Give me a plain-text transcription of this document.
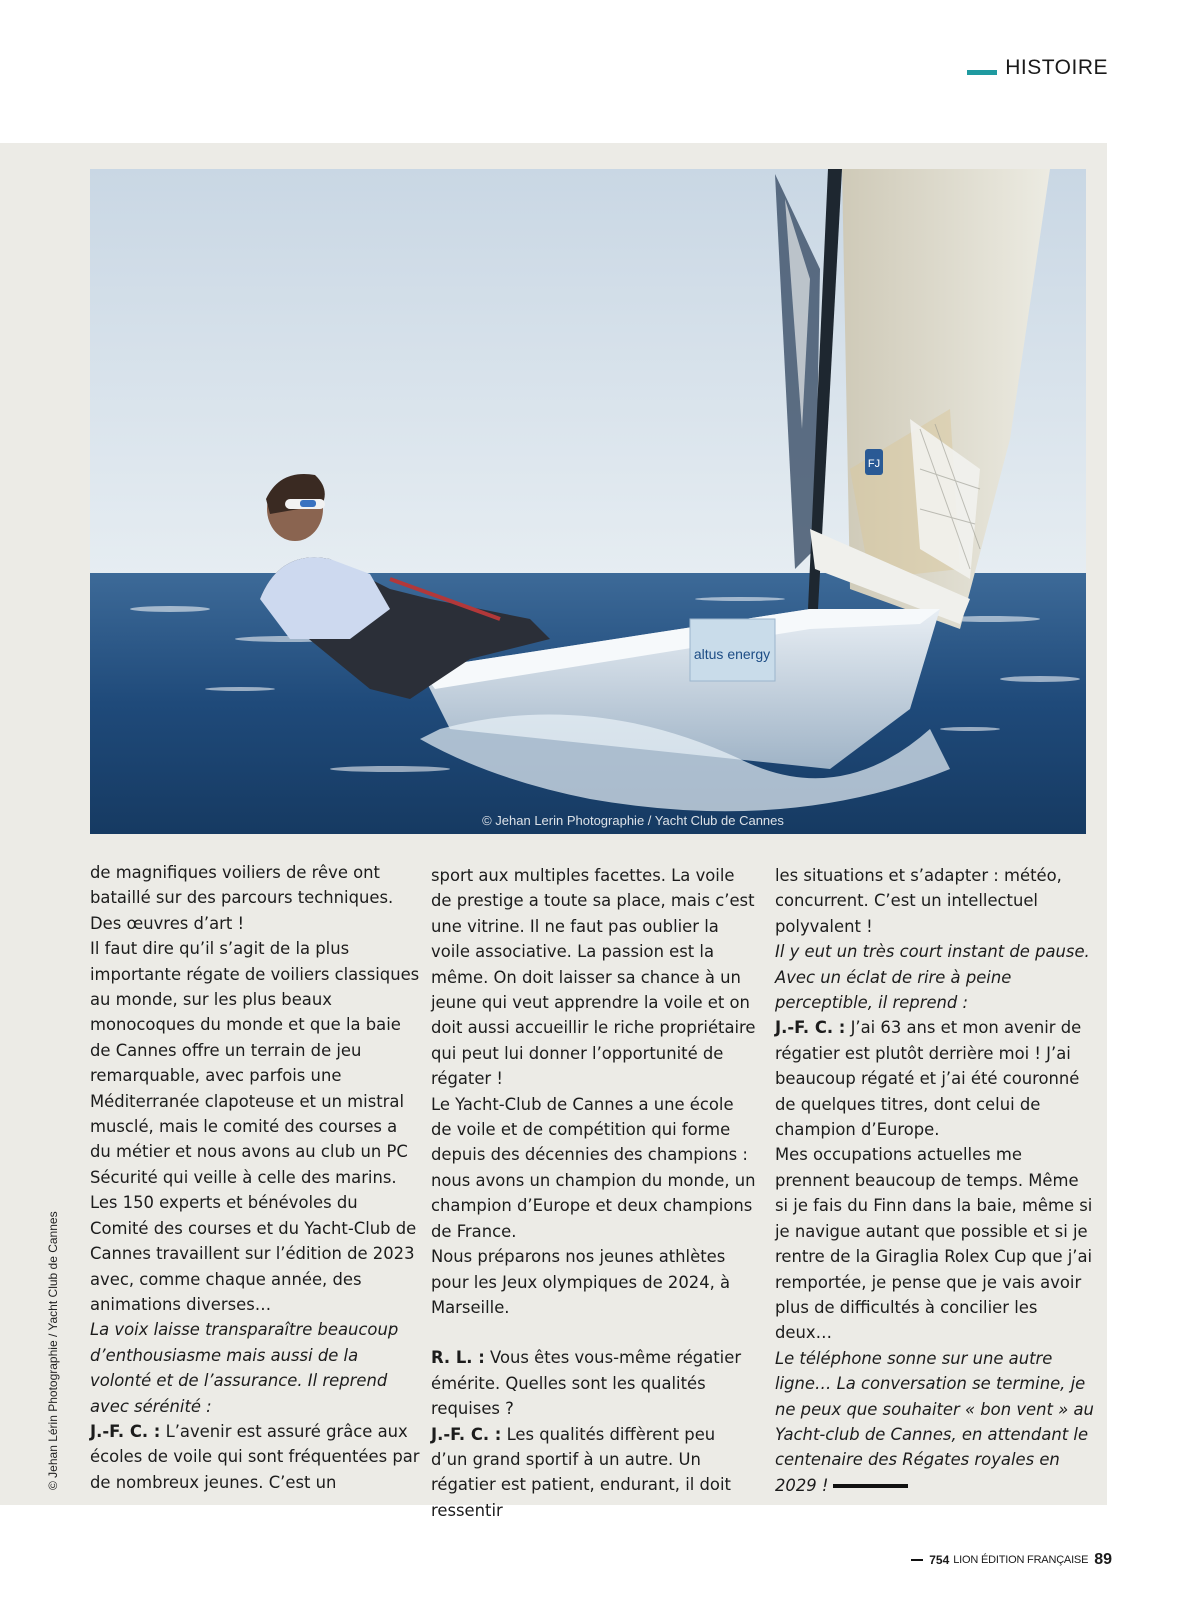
HISTOIRE
FJ
altus energy
© Jehan Lerin Photographie / Yacht Club de Cannes
© Jehan Lérin Photographie / Yacht Club de Cannes

de magnifiques voiliers de rêve ont bataillé sur des parcours techniques. Des œuvres d’art !

Il faut dire qu’il s’agit de la plus importante régate de voiliers classiques au monde, sur les plus beaux monocoques du monde et que la baie de Cannes offre un terrain de jeu remarquable, avec parfois une Méditerranée clapoteuse et un mistral musclé, mais le comité des courses a du métier et nous avons au club un PC Sécurité qui veille à celle des marins. Les 150 experts et bénévoles du Comité des courses et du Yacht-Club de Cannes travaillent sur l’édition de 2023 avec, comme chaque année, des animations diverses…

La voix laisse transparaître beaucoup d’enthousiasme mais aussi de la volonté et de l’assurance. Il reprend avec sérénité :

J.-F. C. : L’avenir est assuré grâce aux écoles de voile qui sont fréquentées par de nombreux jeunes. C’est un

sport aux multiples facettes. La voile de prestige a toute sa place, mais c’est une vitrine. Il ne faut pas oublier la voile associative. La passion est la même. On doit laisser sa chance à un jeune qui veut apprendre la voile et on doit aussi accueillir le riche propriétaire qui peut lui donner l’opportunité de régater !

Le Yacht-Club de Cannes a une école de voile et de compétition qui forme depuis des décennies des champions : nous avons un champion du monde, un champion d’Europe et deux champions de France.

Nous préparons nos jeunes athlètes pour les Jeux olympiques de 2024, à Marseille.

R. L. : Vous êtes vous-même régatier émérite. Quelles sont les qualités requises ?

J.-F. C. : Les qualités diffèrent peu d’un grand sportif à un autre. Un régatier est patient, endurant, il doit ressentir

les situations et s’adapter : météo, concurrent. C’est un intellectuel polyvalent !

Il y eut un très court instant de pause. Avec un éclat de rire à peine perceptible, il reprend :

J.-F. C. : J’ai 63 ans et mon avenir de régatier est plutôt derrière moi ! J’ai beaucoup régaté et j’ai été couronné de quelques titres, dont celui de champion d’Europe.

Mes occupations actuelles me prennent beaucoup de temps. Même si je fais du Finn dans la baie, même si je navigue autant que possible et si je rentre de la Giraglia Rolex Cup que j’ai remportée, je pense que je vais avoir plus de difficultés à concilier les deux…

Le téléphone sonne sur une autre ligne… La conversation se termine, je ne peux que souhaiter « bon vent » au Yacht-club de Cannes, en attendant le centenaire des Régates royales en 2029 !

754 LION ÉDITION FRANÇAISE 89
